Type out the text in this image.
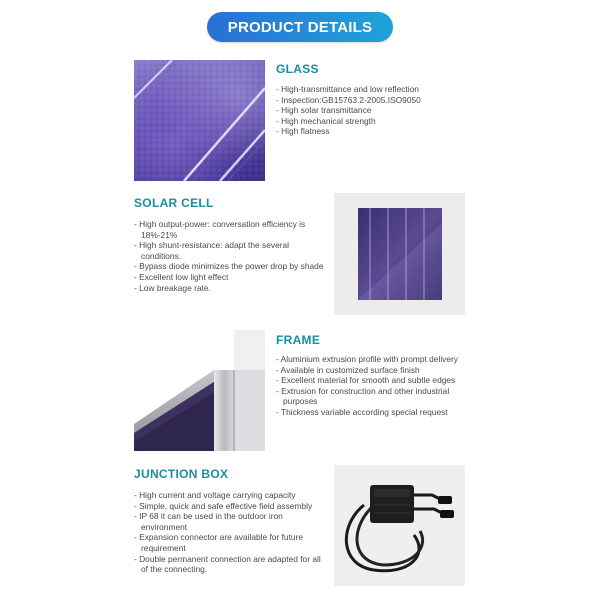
PRODUCT DETAILS
GLASS
- High-transmittance and low reflection
- Inspection:GB15763.2-2005.ISO9050
- High solar transmittance
- High mechanical strength
- High flatness
SOLAR CELL
- High output-power: conversation efficiency is 18%-21%
- High shunt-resistance: adapt the several conditions.
- Bypass diode minimizes the power drop by shade
- Excellent low light effect
- Low breakage rate.
FRAME
- Aluminium extrusion profile with prompt delivery
- Available in customized surface finish
- Excellent material for smooth and subtle edges
- Extrusion for construction and other industrial purposes
- Thickness variable according special request
JUNCTION BOX
- High current and voltage carrying capacity
- Simple, quick and safe effective field assembly
- IP 68 it can be used in the outdoor iron environment
- Expansion connector are available for future requirement
- Double permanent connection are adapted for all of the connecting.
